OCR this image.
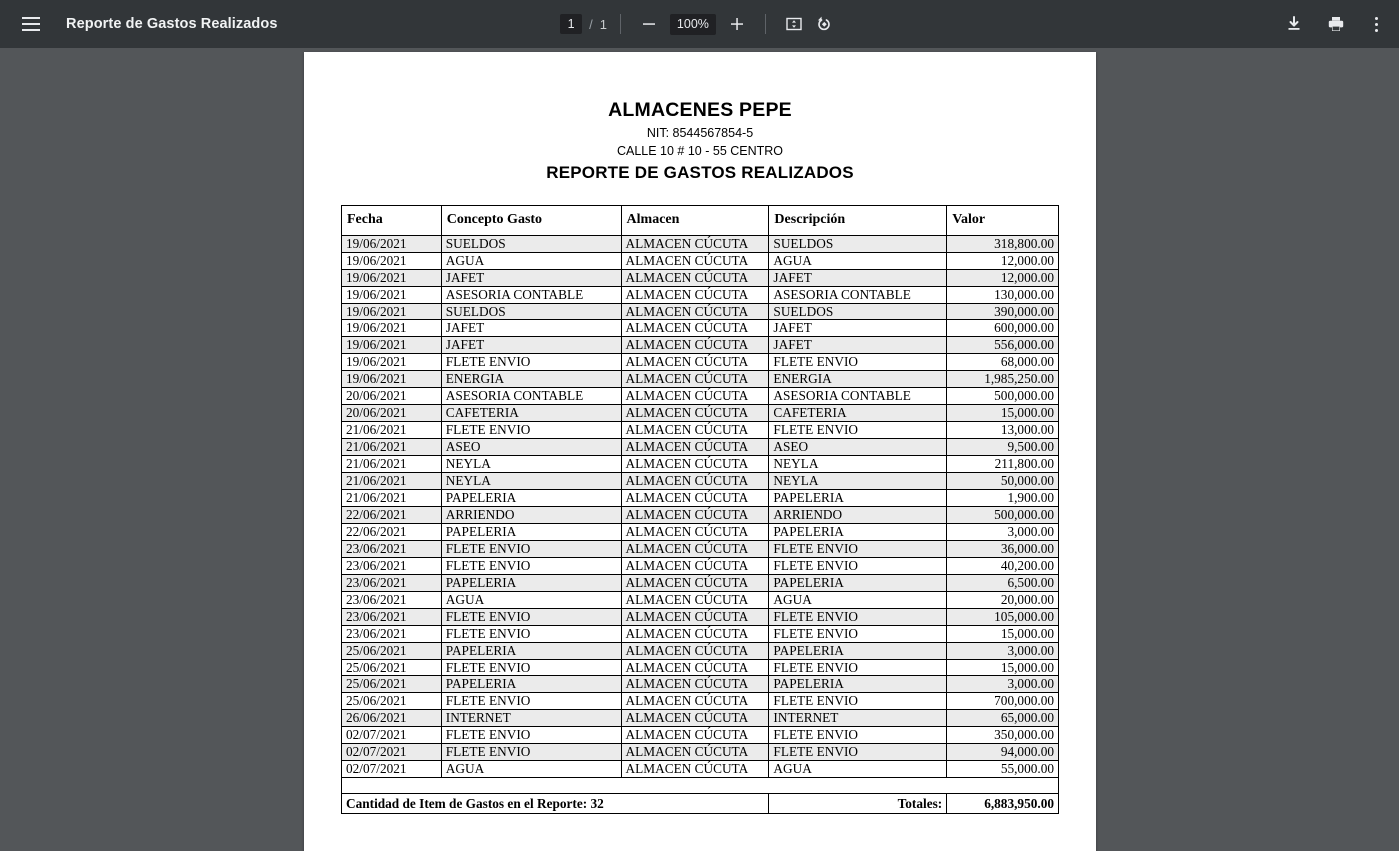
Reporte de Gastos Realizados
1	/ 1	100%
ALMACENES PEPE
NIT: 8544567854-5
CALLE 10 # 10 - 55 CENTRO
REPORTE DE GASTOS REALIZADOS
Fecha	Concepto Gasto	Almacen	Descripción	Valor
19/06/2021	SUELDOS	ALMACEN CÚCUTA	SUELDOS	318,800.00
19/06/2021	AGUA	ALMACEN CÚCUTA	AGUA	12,000.00
19/06/2021	JAFET	ALMACEN CÚCUTA	JAFET	12,000.00
19/06/2021	ASESORIA CONTABLE	ALMACEN CÚCUTA	ASESORIA CONTABLE	130,000.00
19/06/2021	SUELDOS	ALMACEN CÚCUTA	SUELDOS	390,000.00
19/06/2021	JAFET	ALMACEN CÚCUTA	JAFET	600,000.00
19/06/2021	JAFET	ALMACEN CÚCUTA	JAFET	556,000.00
19/06/2021	FLETE ENVIO	ALMACEN CÚCUTA	FLETE ENVIO	68,000.00
19/06/2021	ENERGIA	ALMACEN CÚCUTA	ENERGIA	1,985,250.00
20/06/2021	ASESORIA CONTABLE	ALMACEN CÚCUTA	ASESORIA CONTABLE	500,000.00
20/06/2021	CAFETERIA	ALMACEN CÚCUTA	CAFETERIA	15,000.00
21/06/2021	FLETE ENVIO	ALMACEN CÚCUTA	FLETE ENVIO	13,000.00
21/06/2021	ASEO	ALMACEN CÚCUTA	ASEO	9,500.00
21/06/2021	NEYLA	ALMACEN CÚCUTA	NEYLA	211,800.00
21/06/2021	NEYLA	ALMACEN CÚCUTA	NEYLA	50,000.00
21/06/2021	PAPELERIA	ALMACEN CÚCUTA	PAPELERIA	1,900.00
22/06/2021	ARRIENDO	ALMACEN CÚCUTA	ARRIENDO	500,000.00
22/06/2021	PAPELERIA	ALMACEN CÚCUTA	PAPELERIA	3,000.00
23/06/2021	FLETE ENVIO	ALMACEN CÚCUTA	FLETE ENVIO	36,000.00
23/06/2021	FLETE ENVIO	ALMACEN CÚCUTA	FLETE ENVIO	40,200.00
23/06/2021	PAPELERIA	ALMACEN CÚCUTA	PAPELERIA	6,500.00
23/06/2021	AGUA	ALMACEN CÚCUTA	AGUA	20,000.00
23/06/2021	FLETE ENVIO	ALMACEN CÚCUTA	FLETE ENVIO	105,000.00
23/06/2021	FLETE ENVIO	ALMACEN CÚCUTA	FLETE ENVIO	15,000.00
25/06/2021	PAPELERIA	ALMACEN CÚCUTA	PAPELERIA	3,000.00
25/06/2021	FLETE ENVIO	ALMACEN CÚCUTA	FLETE ENVIO	15,000.00
25/06/2021	PAPELERIA	ALMACEN CÚCUTA	PAPELERIA	3,000.00
25/06/2021	FLETE ENVIO	ALMACEN CÚCUTA	FLETE ENVIO	700,000.00
26/06/2021	INTERNET	ALMACEN CÚCUTA	INTERNET	65,000.00
02/07/2021	FLETE ENVIO	ALMACEN CÚCUTA	FLETE ENVIO	350,000.00
02/07/2021	FLETE ENVIO	ALMACEN CÚCUTA	FLETE ENVIO	94,000.00
02/07/2021	AGUA	ALMACEN CÚCUTA	AGUA	55,000.00

Cantidad de Item de Gastos en el Reporte: 32			Totales:	6,883,950.00
